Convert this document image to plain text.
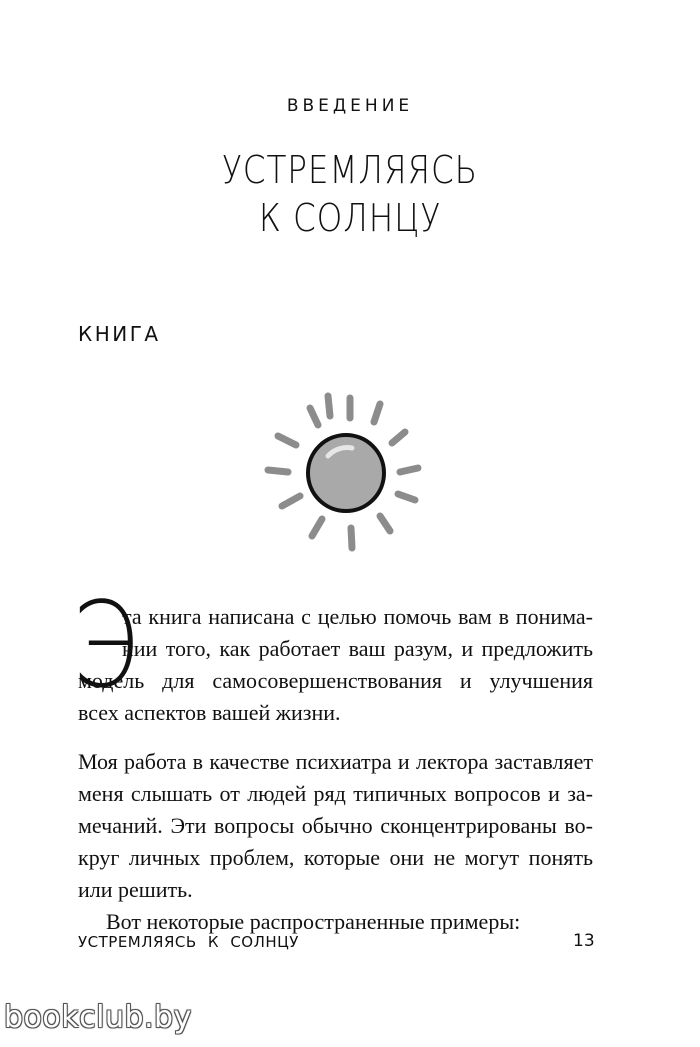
ВВЕДЕНИЕ
УСТРЕМЛЯЯСЬ
К СОЛНЦУ
КНИГА
Э
та книга написана с целью помочь вам в понима-
нии того, как работает ваш разум, и предложить
модель для самосовершенствования и улучшения
всех аспектов вашей жизни.
Моя работа в качестве психиатра и лектора заставляет
меня слышать от людей ряд типичных вопросов и за-
мечаний. Эти вопросы обычно сконцентрированы во-
круг личных проблем, которые они не могут понять
или решить.
Вот некоторые распространенные примеры:
УСТРЕМЛЯЯСЬ К СОЛНЦУ	13
bookclub.by
